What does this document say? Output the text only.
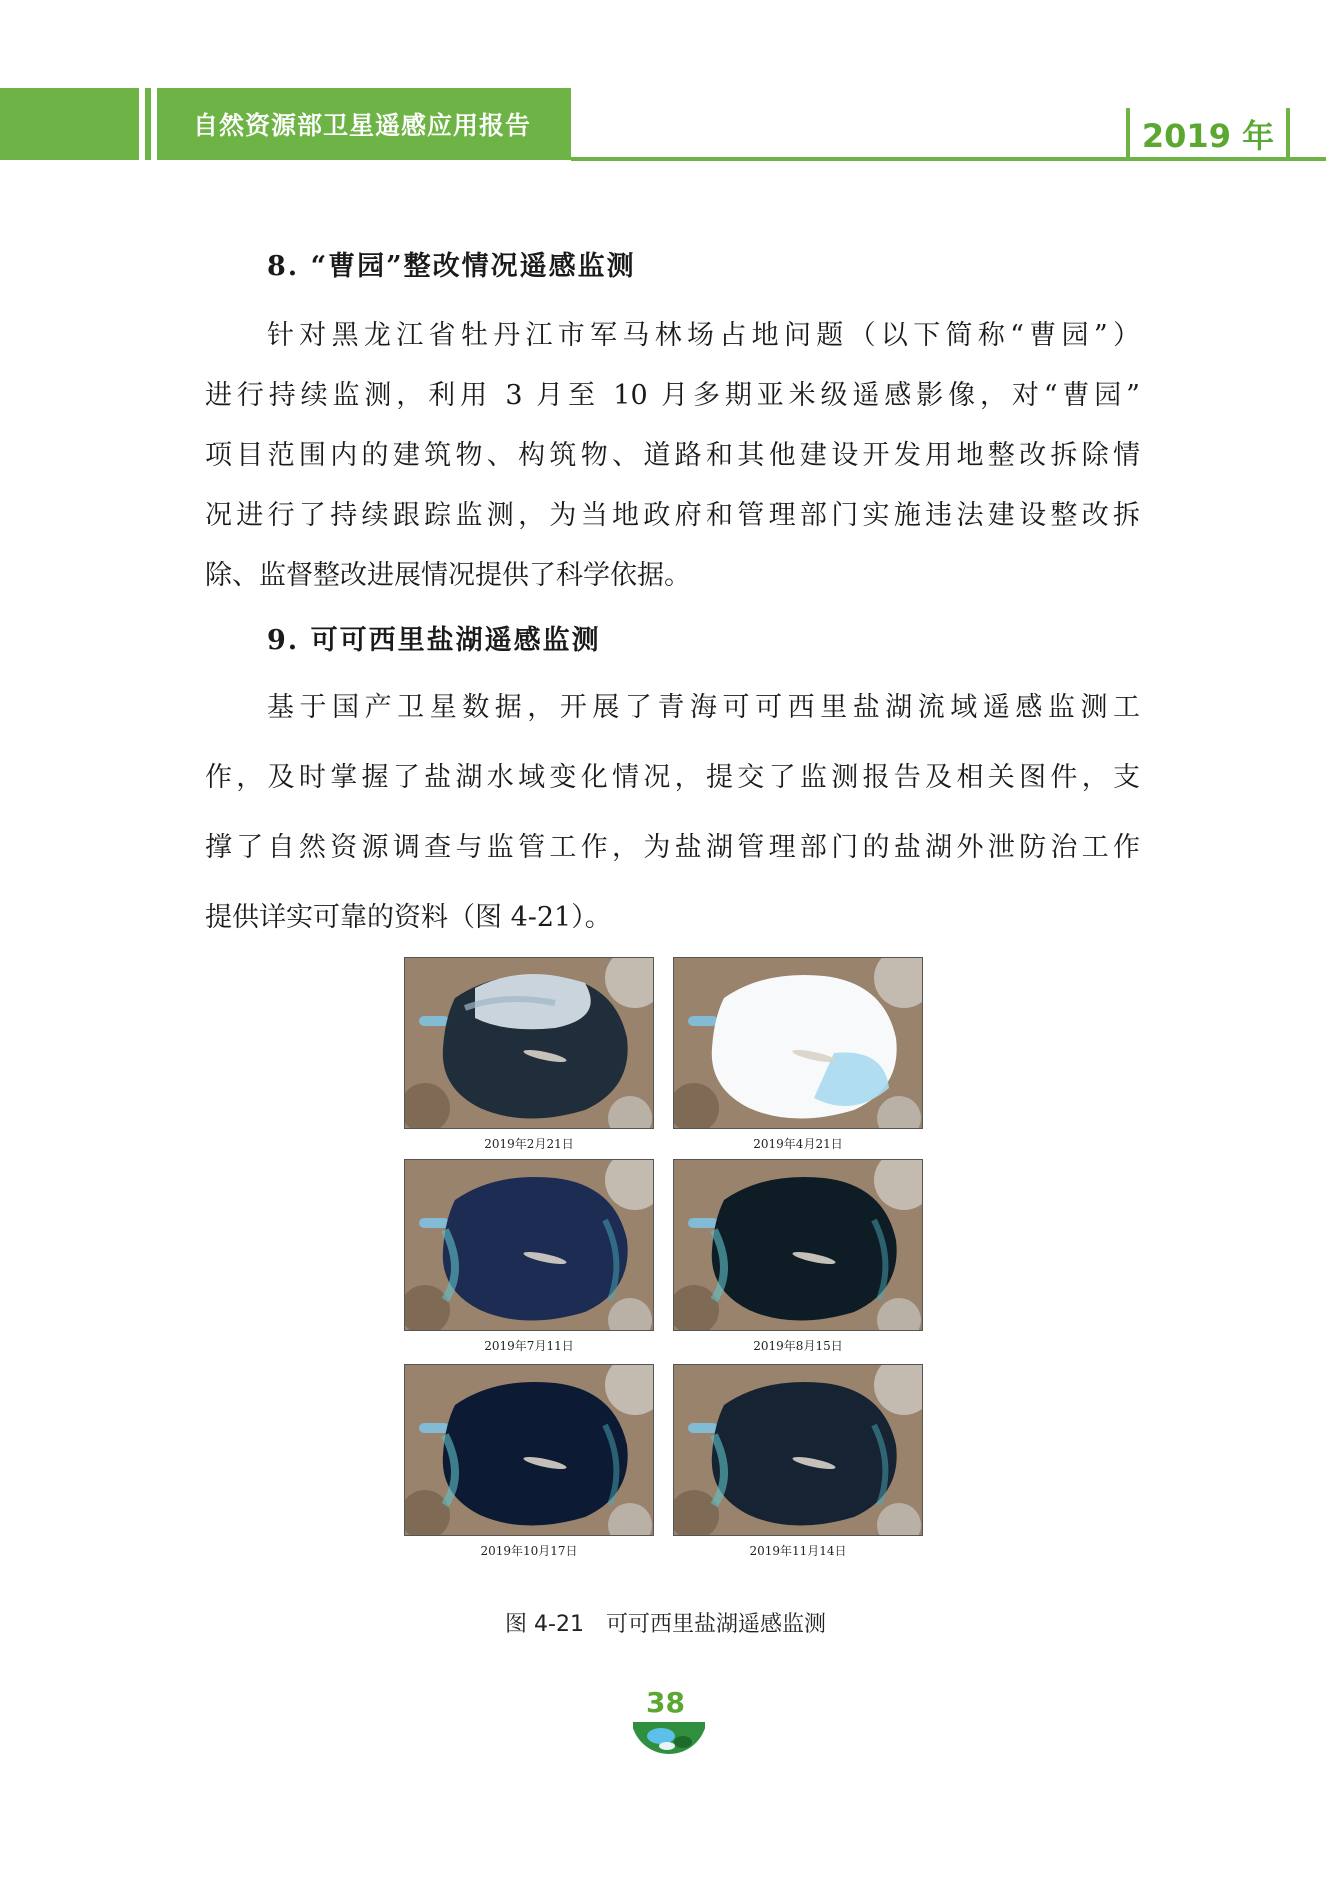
自然资源部卫星遥感应用报告	2019 年
8. “曹园”整改情况遥感监测
针对黑龙江省牡丹江市军马林场占地问题（以下简称“曹园”）
进行持续监测，利用 3 月至 10 月多期亚米级遥感影像，对“曹园”
项目范围内的建筑物、构筑物、道路和其他建设开发用地整改拆除情
况进行了持续跟踪监测，为当地政府和管理部门实施违法建设整改拆
除、监督整改进展情况提供了科学依据。
9. 可可西里盐湖遥感监测
基于国产卫星数据，开展了青海可可西里盐湖流域遥感监测工
作，及时掌握了盐湖水域变化情况，提交了监测报告及相关图件，支
撑了自然资源调查与监管工作，为盐湖管理部门的盐湖外泄防治工作
提供详实可靠的资料（图 4-21）。
2019年2月21日	2019年4月21日
2019年7月11日	2019年8月15日
2019年10月17日	2019年11月14日
图 4-21 可可西里盐湖遥感监测
38
